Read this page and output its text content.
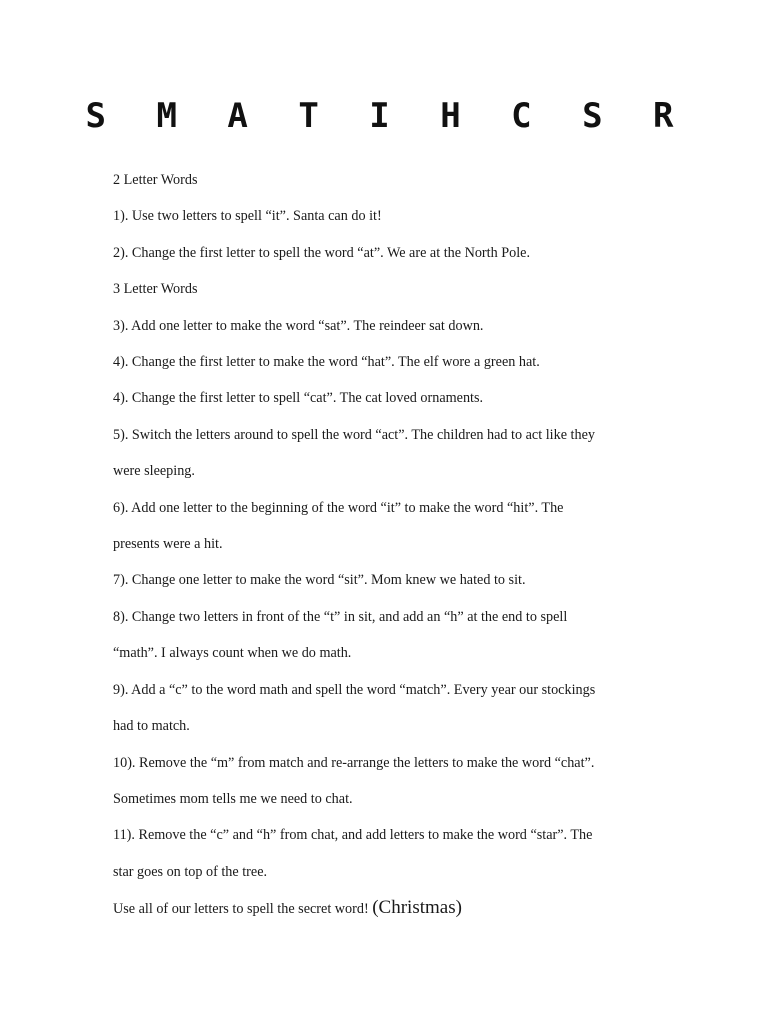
S M A T I H C S R

2 Letter Words

1). Use two letters to spell “it”. Santa can do it!

2). Change the first letter to spell the word “at”. We are at the North Pole.

3 Letter Words

3). Add one letter to make the word “sat”. The reindeer sat down.

4). Change the first letter to make the word “hat”. The elf wore a green hat.

4). Change the first letter to spell “cat”. The cat loved ornaments.

5). Switch the letters around to spell the word “act”. The children had to act like they

were sleeping.

6). Add one letter to the beginning of the word “it” to make the word “hit”. The

presents were a hit.

7). Change one letter to make the word “sit”. Mom knew we hated to sit.

8). Change two letters in front of the “t” in sit, and add an “h” at the end to spell

“math”. I always count when we do math.

9). Add a “c” to the word math and spell the word “match”. Every year our stockings

had to match.

10). Remove the “m” from match and re-arrange the letters to make the word “chat”.

Sometimes mom tells me we need to chat.

11). Remove the “c” and “h” from chat, and add letters to make the word “star”. The

star goes on top of the tree.

Use all of our letters to spell the secret word! (Christmas)
